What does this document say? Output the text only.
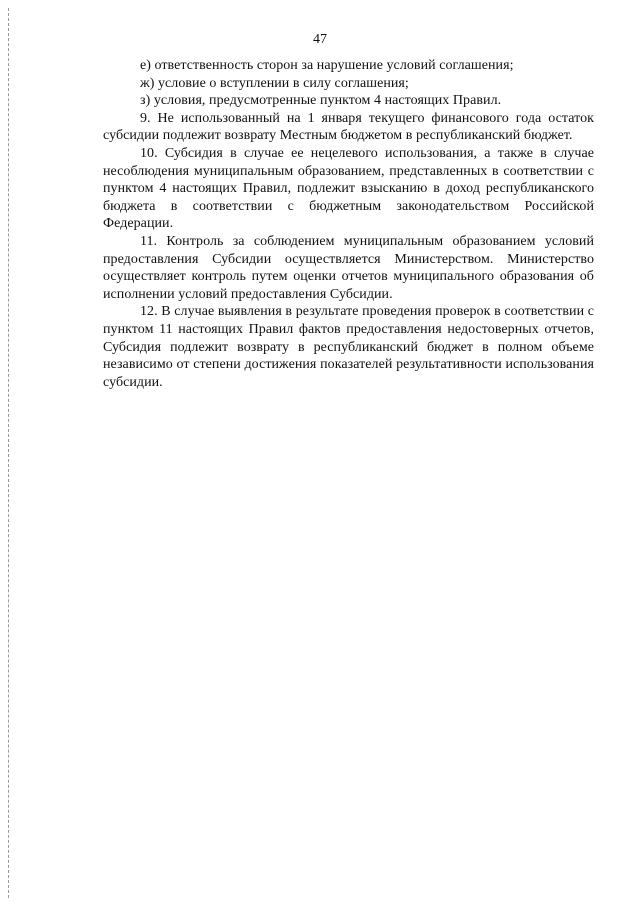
47

е) ответственность сторон за нарушение условий соглашения;

ж) условие о вступлении в силу соглашения;

з) условия, предусмотренные пунктом 4 настоящих Правил.

9. Не использованный на 1 января текущего финансового года остаток субсидии подлежит возврату Местным бюджетом в республиканский бюджет.

10. Субсидия в случае ее нецелевого использования, а также в случае несоблюдения муниципальным образованием, представленных в соответствии с пунктом 4 настоящих Правил, подлежит взысканию в доход республиканского бюджета в соответствии с бюджетным законодательством Российской Федерации.

11. Контроль за соблюдением муниципальным образованием условий предоставления Субсидии осуществляется Министерством. Министерство осуществляет контроль путем оценки отчетов муниципального образования об исполнении условий предоставления Субсидии.

12. В случае выявления в результате проведения проверок в соответствии с пунктом 11 настоящих Правил фактов предоставления недостоверных отчетов, Субсидия подлежит возврату в республиканский бюджет в полном объеме независимо от степени достижения показателей результативности использования субсидии.
